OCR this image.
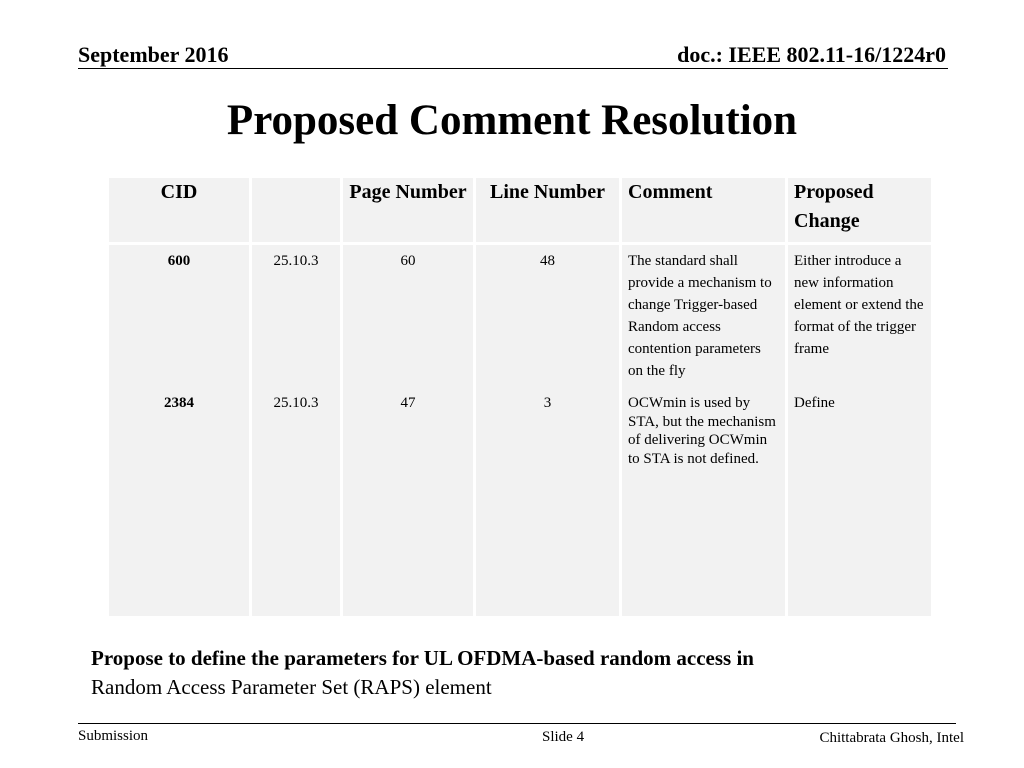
September 2016	doc.: IEEE 802.11-16/1224r0
Proposed Comment Resolution
CID		Page Number	Line Number	Comment	Proposed Change
600	25.10.3	60	48	The standard shall provide a mechanism to change Trigger-based Random access contention parameters on the fly	Either introduce a new information element or extend the format of the trigger frame
2384	25.10.3	47	3	OCWmin is used by STA, but the mechanism of delivering OCWmin to STA is not defined.	Define
Propose to define the parameters for UL OFDMA-based random access in
Random Access Parameter Set (RAPS) element
Submission	Slide 4	Chittabrata Ghosh, Intel
